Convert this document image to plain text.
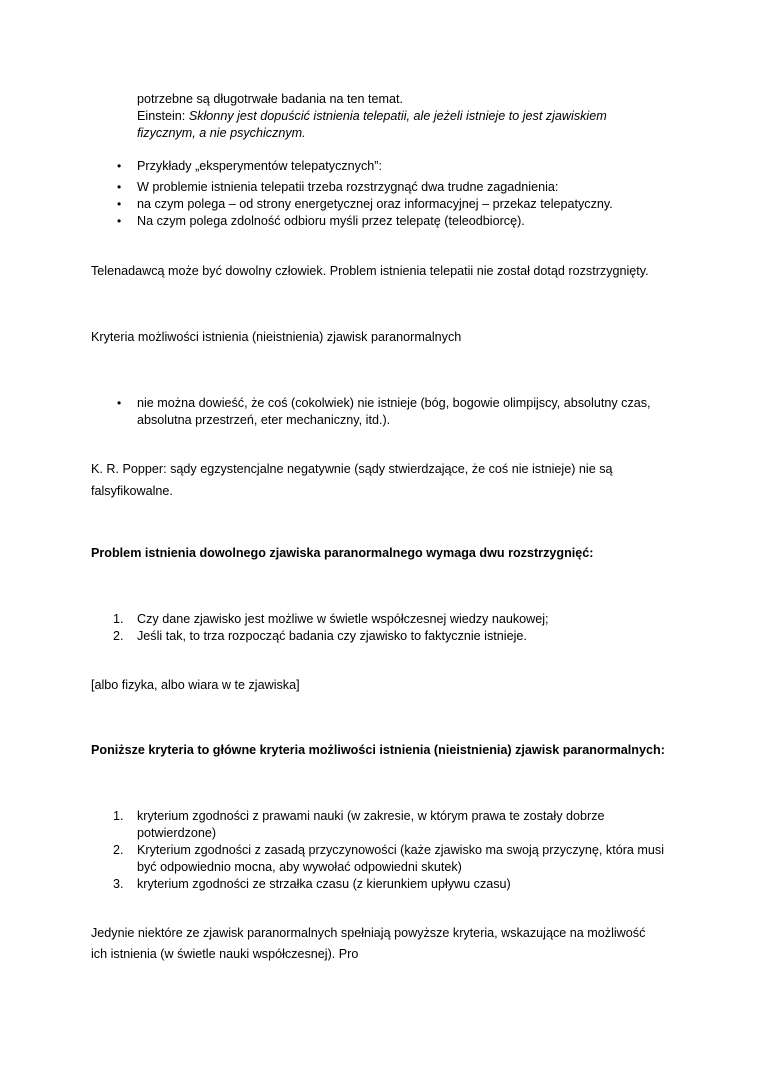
potrzebne są długotrwałe badania na ten temat.
Einstein: Skłonny jest dopuścić istnienia telepatii, ale jeżeli istnieje to jest zjawiskiem
fizycznym, a nie psychicznym.
• Przykłady „eksperymentów telepatycznych”:
• W problemie istnienia telepatii trzeba rozstrzygnąć dwa trudne zagadnienia:
• na czym polega – od strony energetycznej oraz informacyjnej – przekaz telepatyczny.
• Na czym polega zdolność odbioru myśli przez telepatę (teleodbiorcę).
Telenadawcą może być dowolny człowiek. Problem istnienia telepatii nie został dotąd rozstrzygnięty.
Kryteria możliwości istnienia (nieistnienia) zjawisk paranormalnych
• nie można dowieść, że coś (cokolwiek) nie istnieje (bóg, bogowie olimpijscy, absolutny czas,
absolutna przestrzeń, eter mechaniczny, itd.).
K. R. Popper: sądy egzystencjalne negatywnie (sądy stwierdzające, że coś nie istnieje) nie są
falsyfikowalne.
Problem istnienia dowolnego zjawiska paranormalnego wymaga dwu rozstrzygnięć:
1. Czy dane zjawisko jest możliwe w świetle współczesnej wiedzy naukowej;
2. Jeśli tak, to trza rozpocząć badania czy zjawisko to faktycznie istnieje.
[albo fizyka, albo wiara w te zjawiska]
Poniższe kryteria to główne kryteria możliwości istnienia (nieistnienia) zjawisk paranormalnych:
1. kryterium zgodności z prawami nauki (w zakresie, w którym prawa te zostały dobrze
potwierdzone)
2. Kryterium zgodności z zasadą przyczynowości (każe zjawisko ma swoją przyczynę, która musi
być odpowiednio mocna, aby wywołać odpowiedni skutek)
3. kryterium zgodności ze strzałka czasu (z kierunkiem upływu czasu)
Jedynie niektóre ze zjawisk paranormalnych spełniają powyższe kryteria, wskazujące na możliwość
ich istnienia (w świetle nauki współczesnej). Pro
